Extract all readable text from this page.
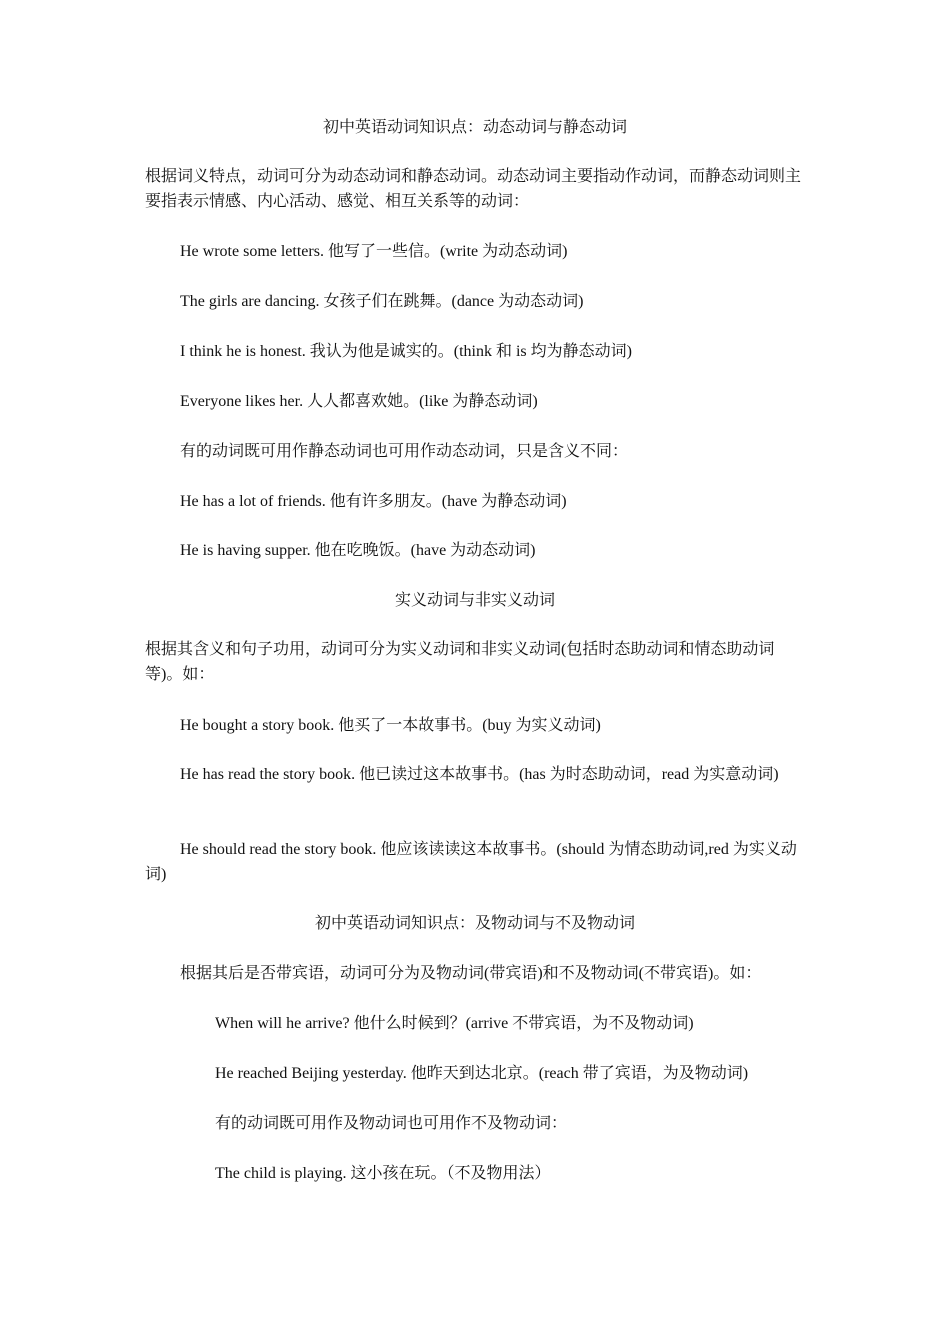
初中英语动词知识点：动态动词与静态动词
根据词义特点，动词可分为动态动词和静态动词。动态动词主要指动作动词，而静态动词则主要指表示情感、内心活动、感觉、相互关系等的动词：
He wrote some letters. 他写了一些信。(write 为动态动词)
The girls are dancing. 女孩子们在跳舞。(dance 为动态动词)
I think he is honest. 我认为他是诚实的。(think 和 is 均为静态动词)
Everyone likes her. 人人都喜欢她。(like 为静态动词)
有的动词既可用作静态动词也可用作动态动词，只是含义不同：
He has a lot of friends. 他有许多朋友。(have 为静态动词)
He is having supper. 他在吃晚饭。(have 为动态动词)
实义动词与非实义动词
根据其含义和句子功用，动词可分为实义动词和非实义动词(包括时态助动词和情态助动词等)。如：
He bought a story book. 他买了一本故事书。(buy 为实义动词)
He has read the story book. 他已读过这本故事书。(has 为时态助动词，read 为实意动词)
He should read the story book. 他应该读读这本故事书。(should 为情态助动词,red 为实义动词)
初中英语动词知识点：及物动词与不及物动词
根据其后是否带宾语，动词可分为及物动词(带宾语)和不及物动词(不带宾语)。如：
When will he arrive? 他什么时候到？(arrive 不带宾语，为不及物动词)
He reached Beijing yesterday. 他昨天到达北京。(reach 带了宾语，为及物动词)
有的动词既可用作及物动词也可用作不及物动词：
The child is playing. 这小孩在玩。（不及物用法）
